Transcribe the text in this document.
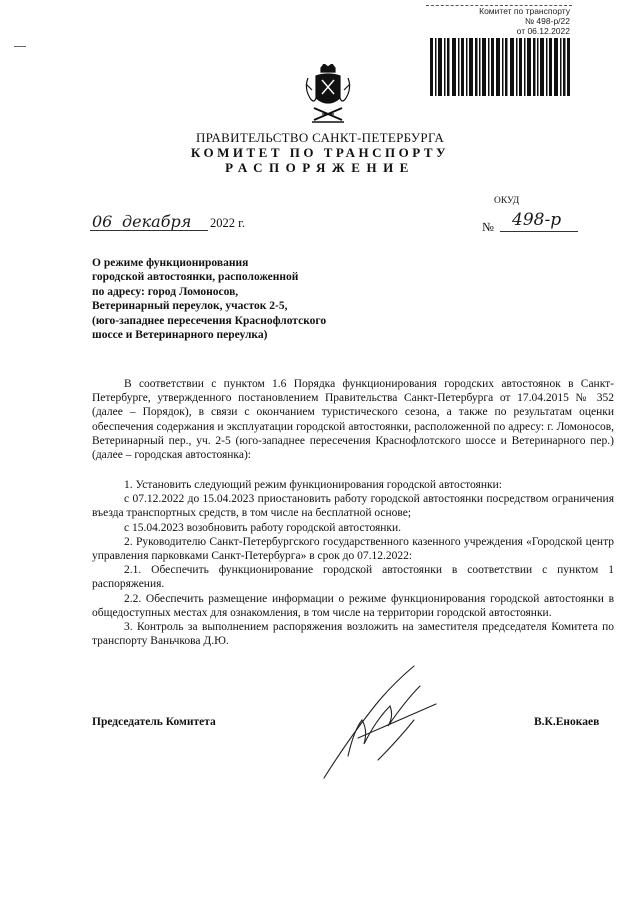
Комитет по транспорту
№ 498-р/22
от 06.12.2022
ПРАВИТЕЛЬСТВО САНКТ-ПЕТЕРБУРГА
КОМИТЕТ ПО ТРАНСПОРТУ
РАСПОРЯЖЕНИЕ
ОКУД
06 декабря 2022 г.	№ 498-р
О режиме функционирования
городской автостоянки, расположенной
по адресу: город Ломоносов,
Ветеринарный переулок, участок 2-5,
(юго-западнее пересечения Краснофлотского
шоссе и Ветеринарного переулка)
В соответствии с пунктом 1.6 Порядка функционирования городских автостоянок в Санкт-Петербурге, утвержденного постановлением Правительства Санкт-Петербурга от 17.04.2015 № 352 (далее – Порядок), в связи с окончанием туристического сезона, а также по результатам оценки обеспечения содержания и эксплуатации городской автостоянки, расположенной по адресу: г. Ломоносов, Ветеринарный пер., уч. 2-5 (юго-западнее пересечения Краснофлотского шоссе и Ветеринарного пер.) (далее – городская автостоянка):
1. Установить следующий режим функционирования городской автостоянки:
с 07.12.2022 до 15.04.2023 приостановить работу городской автостоянки посредством ограничения въезда транспортных средств, в том числе на бесплатной основе;
с 15.04.2023 возобновить работу городской автостоянки.
2. Руководителю Санкт-Петербургского государственного казенного учреждения «Городской центр управления парковками Санкт-Петербурга» в срок до 07.12.2022:
2.1. Обеспечить функционирование городской автостоянки в соответствии с пунктом 1 распоряжения.
2.2. Обеспечить размещение информации о режиме функционирования городской автостоянки в общедоступных местах для ознакомления, в том числе на территории городской автостоянки.
3. Контроль за выполнением распоряжения возложить на заместителя председателя Комитета по транспорту Ваньчкова Д.Ю.
Председатель Комитета	В.К.Енокаев
